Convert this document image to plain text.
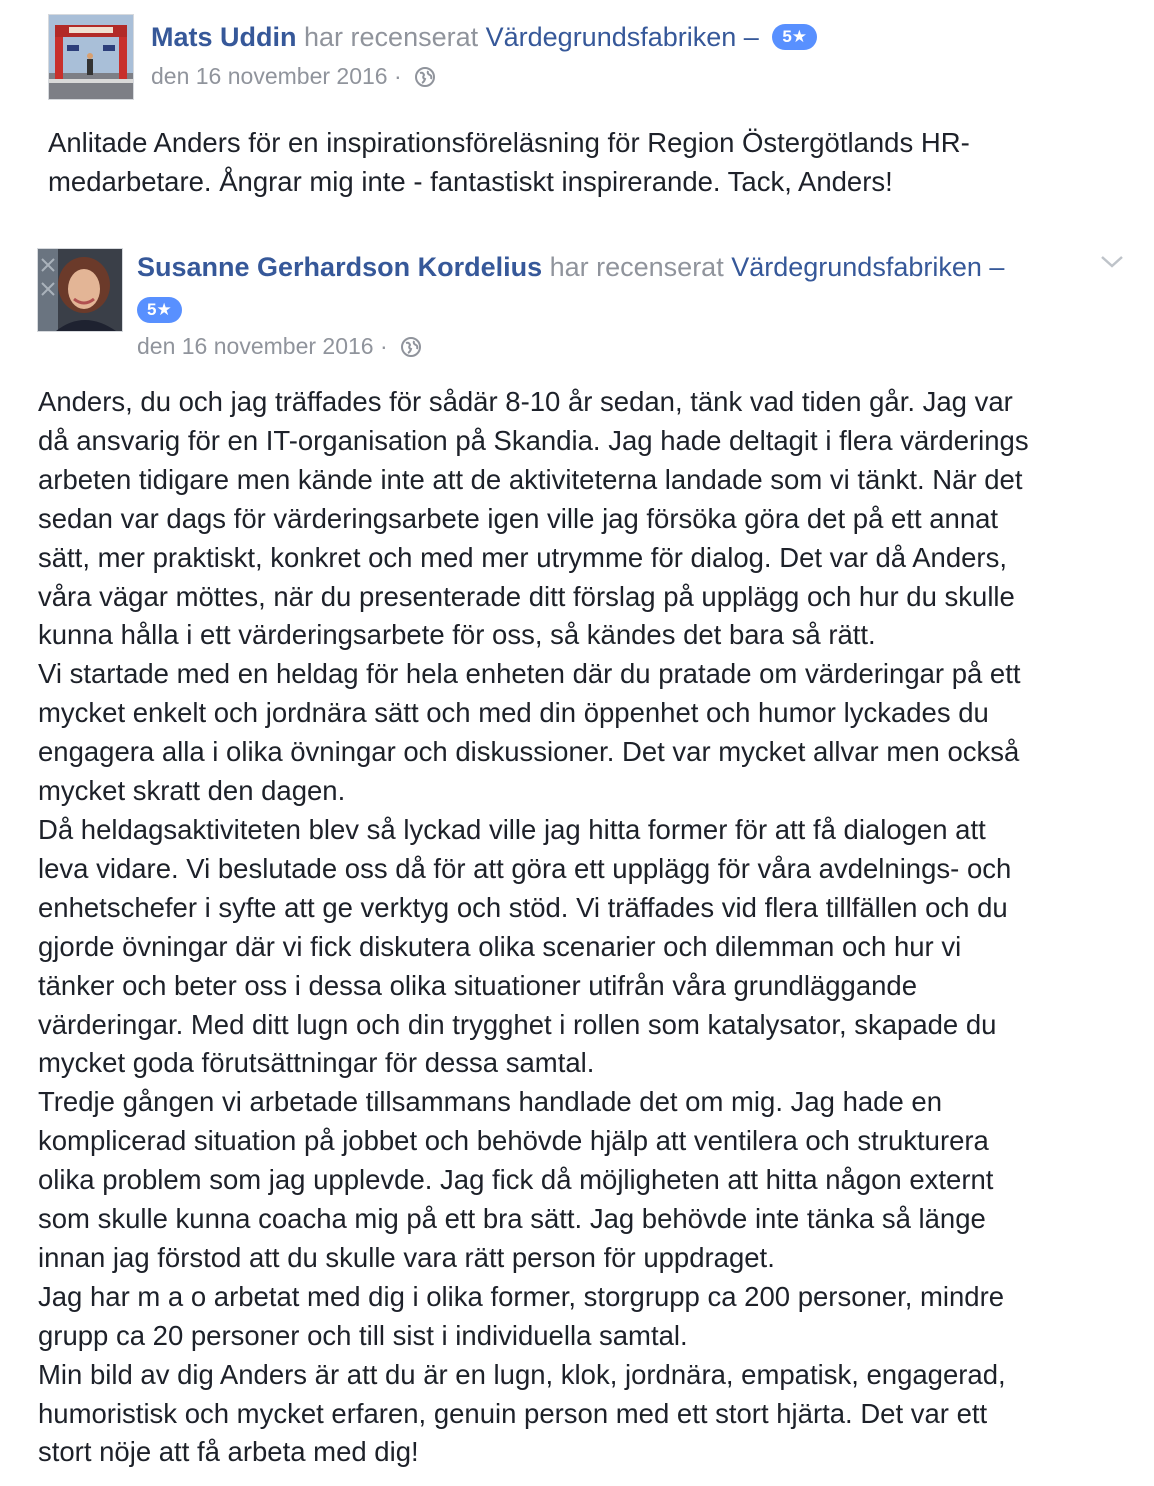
Mats Uddin har recenserat Värdegrundsfabriken – 5★
den 16 november 2016 ·
Anlitade Anders för en inspirationsföreläsning för Region Östergötlands HR-
medarbetare. Ångrar mig inte - fantastiskt inspirerande. Tack, Anders!
Susanne Gerhardson Kordelius har recenserat Värdegrundsfabriken –
5★
den 16 november 2016 ·
Anders, du och jag träffades för sådär 8-10 år sedan, tänk vad tiden går. Jag var
då ansvarig för en IT-organisation på Skandia. Jag hade deltagit i flera värderings
arbeten tidigare men kände inte att de aktiviteterna landade som vi tänkt. När det
sedan var dags för värderingsarbete igen ville jag försöka göra det på ett annat
sätt, mer praktiskt, konkret och med mer utrymme för dialog. Det var då Anders,
våra vägar möttes, när du presenterade ditt förslag på upplägg och hur du skulle
kunna hålla i ett värderingsarbete för oss, så kändes det bara så rätt.
Vi startade med en heldag för hela enheten där du pratade om värderingar på ett
mycket enkelt och jordnära sätt och med din öppenhet och humor lyckades du
engagera alla i olika övningar och diskussioner. Det var mycket allvar men också
mycket skratt den dagen.
Då heldagsaktiviteten blev så lyckad ville jag hitta former för att få dialogen att
leva vidare. Vi beslutade oss då för att göra ett upplägg för våra avdelnings- och
enhetschefer i syfte att ge verktyg och stöd. Vi träffades vid flera tillfällen och du
gjorde övningar där vi fick diskutera olika scenarier och dilemman och hur vi
tänker och beter oss i dessa olika situationer utifrån våra grundläggande
värderingar. Med ditt lugn och din trygghet i rollen som katalysator, skapade du
mycket goda förutsättningar för dessa samtal.
Tredje gången vi arbetade tillsammans handlade det om mig. Jag hade en
komplicerad situation på jobbet och behövde hjälp att ventilera och strukturera
olika problem som jag upplevde. Jag fick då möjligheten att hitta någon externt
som skulle kunna coacha mig på ett bra sätt. Jag behövde inte tänka så länge
innan jag förstod att du skulle vara rätt person för uppdraget.
Jag har m a o arbetat med dig i olika former, storgrupp ca 200 personer, mindre
grupp ca 20 personer och till sist i individuella samtal.
Min bild av dig Anders är att du är en lugn, klok, jordnära, empatisk, engagerad,
humoristisk och mycket erfaren, genuin person med ett stort hjärta. Det var ett
stort nöje att få arbeta med dig!
